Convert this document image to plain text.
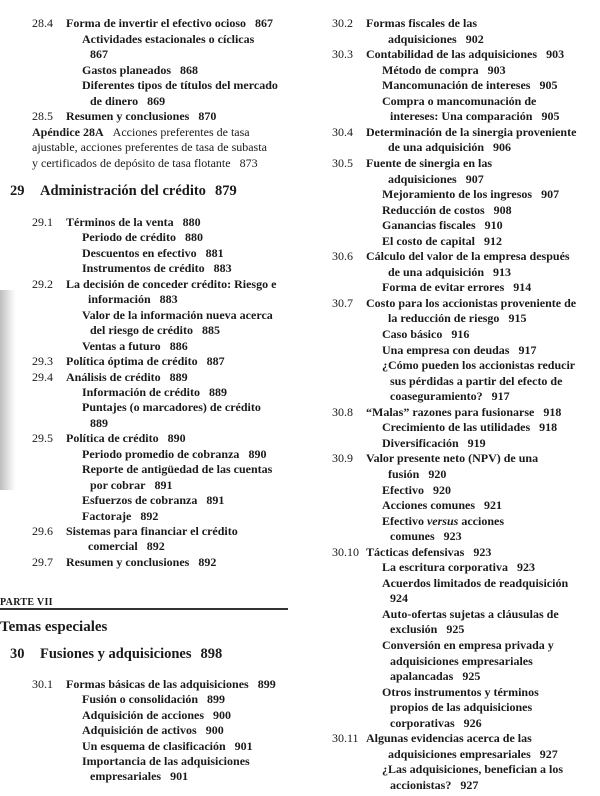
28.4 Forma de invertir el efectivo ocioso 867
Actividades estacionales o cíclicas
867
Gastos planeados 868
Diferentes tipos de títulos del mercado
de dinero 869
28.5 Resumen y conclusiones 870
Apéndice 28A Acciones preferentes de tasa
ajustable, acciones preferentes de tasa de subasta
y certificados de depósito de tasa flotante 873
29 Administración del crédito 879
29.1 Términos de la venta 880
Periodo de crédito 880
Descuentos en efectivo 881
Instrumentos de crédito 883
29.2 La decisión de conceder crédito: Riesgo e
información 883
Valor de la información nueva acerca
del riesgo de crédito 885
Ventas a futuro 886
29.3 Política óptima de crédito 887
29.4 Análisis de crédito 889
Información de crédito 889
Puntajes (o marcadores) de crédito
889
29.5 Política de crédito 890
Periodo promedio de cobranza 890
Reporte de antigüedad de las cuentas
por cobrar 891
Esfuerzos de cobranza 891
Factoraje 892
29.6 Sistemas para financiar el crédito
comercial 892
29.7 Resumen y conclusiones 892
PARTE VII
Temas especiales
30 Fusiones y adquisiciones 898
30.1 Formas básicas de las adquisiciones 899
Fusión o consolidación 899
Adquisición de acciones 900
Adquisición de activos 900
Un esquema de clasificación 901
Importancia de las adquisiciones
empresariales 901
30.2 Formas fiscales de las
adquisiciones 902
30.3 Contabilidad de las adquisiciones 903
Método de compra 903
Mancomunación de intereses 905
Compra o mancomunación de
intereses: Una comparación 905
30.4 Determinación de la sinergia proveniente
de una adquisición 906
30.5 Fuente de sinergia en las
adquisiciones 907
Mejoramiento de los ingresos 907
Reducción de costos 908
Ganancias fiscales 910
El costo de capital 912
30.6 Cálculo del valor de la empresa después
de una adquisición 913
Forma de evitar errores 914
30.7 Costo para los accionistas proveniente de
la reducción de riesgo 915
Caso básico 916
Una empresa con deudas 917
¿Cómo pueden los accionistas reducir
sus pérdidas a partir del efecto de
coaseguramiento? 917
30.8 “Malas” razones para fusionarse 918
Crecimiento de las utilidades 918
Diversificación 919
30.9 Valor presente neto (NPV) de una
fusión 920
Efectivo 920
Acciones comunes 921
Efectivo versus acciones
comunes 923
30.10 Tácticas defensivas 923
La escritura corporativa 923
Acuerdos limitados de readquisición
924
Auto-ofertas sujetas a cláusulas de
exclusión 925
Conversión en empresa privada y
adquisiciones empresariales
apalancadas 925
Otros instrumentos y términos
propios de las adquisiciones
corporativas 926
30.11 Algunas evidencias acerca de las
adquisiciones empresariales 927
¿Las adquisiciones, benefician a los
accionistas? 927
